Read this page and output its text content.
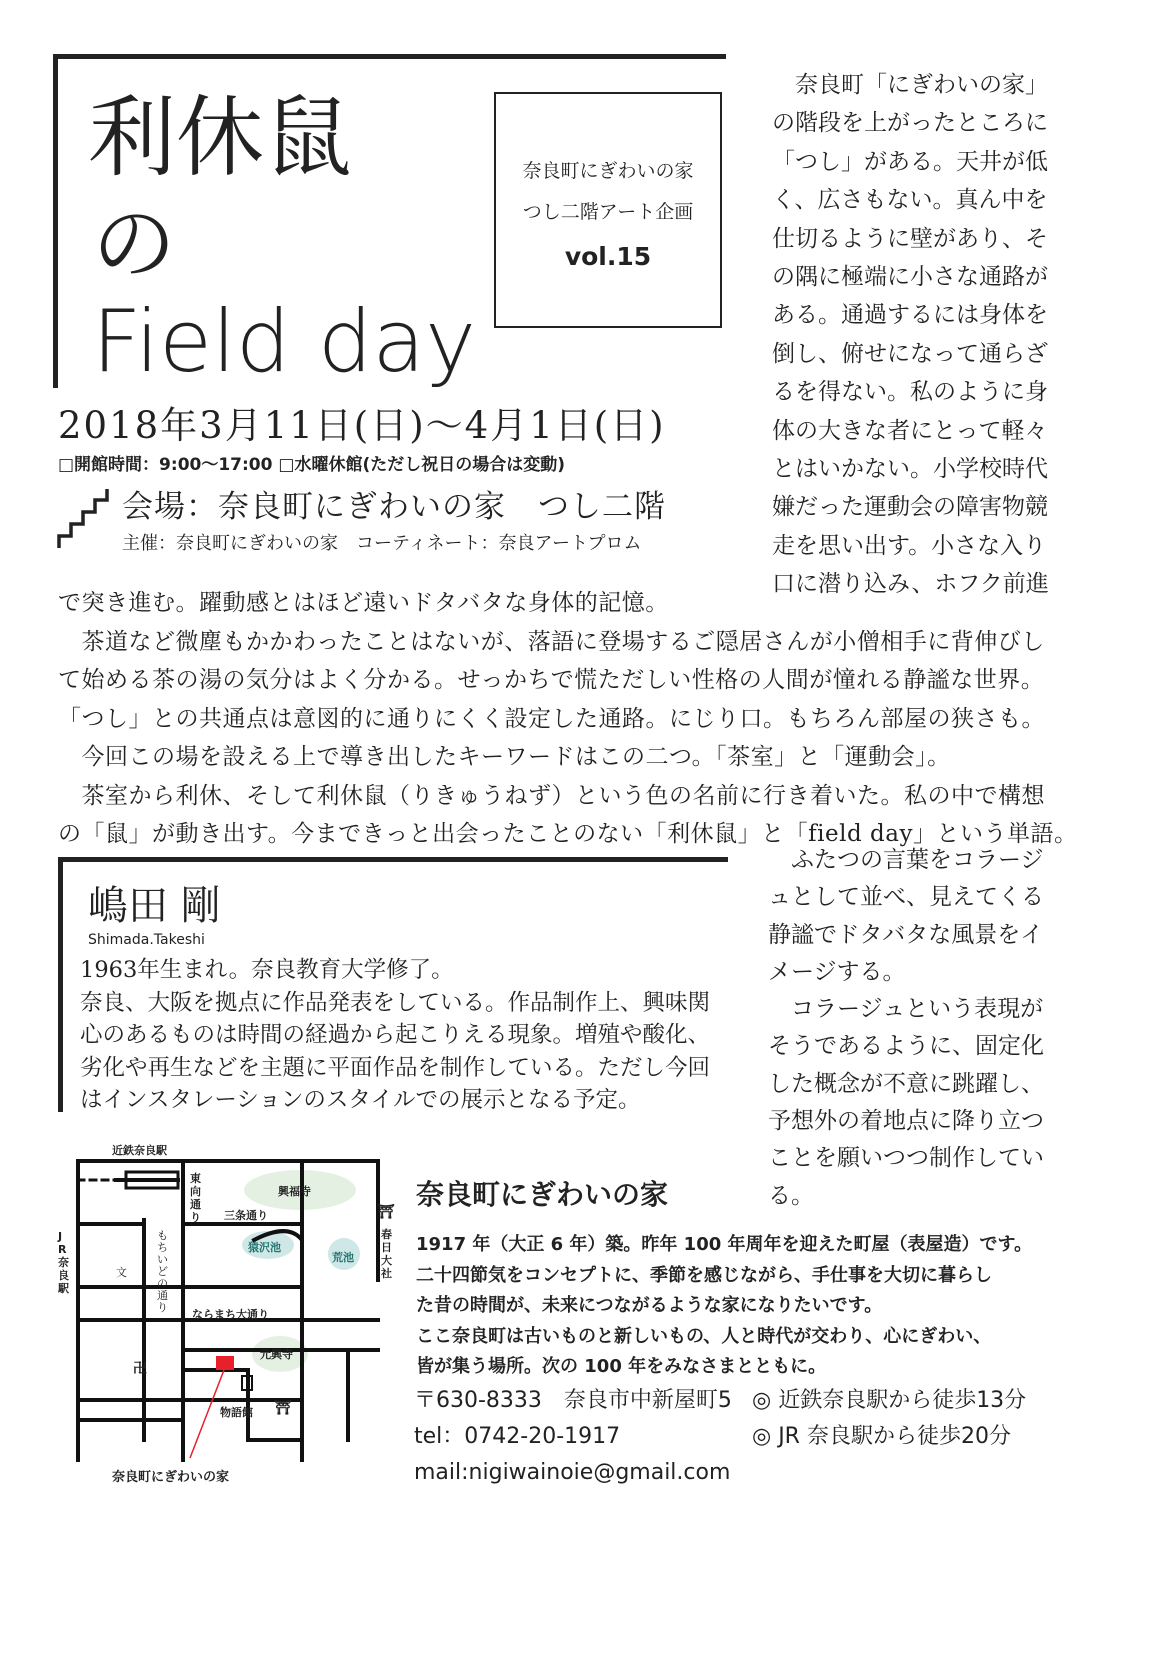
利休鼠
の
Field day
奈良町にぎわいの家
つし二階アート企画
vol.15
2018年3月11日(日)～4月1日(日)
□開館時間：9:00～17:00 □水曜休館(ただし祝日の場合は変動)
会場：奈良町にぎわいの家　つし二階
主催：奈良町にぎわいの家　コーティネート：奈良アートプロム

　奈良町「にぎわいの家」

の階段を上がったところに

「つし」がある。天井が低

く、広さもない。真ん中を

仕切るように壁があり、そ

の隅に極端に小さな通路が

ある。通過するには身体を

倒し、俯せになって通らざ

るを得ない。私のように身

体の大きな者にとって軽々

とはいかない。小学校時代

嫌だった運動会の障害物競

走を思い出す。小さな入り

口に潜り込み、ホフク前進

で突き進む。躍動感とはほど遠いドタバタな身体的記憶。

　茶道など微塵もかかわったことはないが、落語に登場するご隠居さんが小僧相手に背伸びし

て始める茶の湯の気分はよく分かる。せっかちで慌ただしい性格の人間が憧れる静謐な世界。

「つし」との共通点は意図的に通りにくく設定した通路。にじり口。もちろん部屋の狭さも。

　今回この場を設える上で導き出したキーワードはこの二つ。「茶室」と「運動会」。

　茶室から利休、そして利休鼠（りきゅうねず）という色の名前に行き着いた。私の中で構想

の「鼠」が動き出す。今まできっと出会ったことのない「利休鼠」と「field day」という単語。

　ふたつの言葉をコラージ

ュとして並べ、見えてくる

静謐でドタバタな風景をイ

メージする。

　コラージュという表現が

そうであるように、固定化

した概念が不意に跳躍し、

予想外の着地点に降り立つ

ことを願いつつ制作してい

る。

嶋田 剛
Shimada.Takeshi

1963年生まれ。奈良教育大学修了。

奈良、大阪を拠点に作品発表をしている。作品制作上、興味関

心のあるものは時間の経過から起こりえる現象。増殖や酸化、

劣化や再生などを主題に平面作品を制作している。ただし今回

はインスタレーションのスタイルでの展示となる予定。

近鉄奈良駅
東向通り
興福寺
三条通り
猿沢池
荒池
春日大社
⛩
JR奈良駅
もちいどの通り
文
ならまち大通り
元興寺
卍
⛩
物語館
奈良町にぎわいの家
奈良町にぎわいの家

1917 年（大正 6 年）築。昨年 100 年周年を迎えた町屋（表屋造）です。

二十四節気をコンセプトに、季節を感じながら、手仕事を大切に暮らし

た昔の時間が、未来につながるような家になりたいです。

ここ奈良町は古いものと新しいもの、人と時代が交わり、心にぎわい、

皆が集う場所。次の 100 年をみなさまとともに。

〒630-8333　奈良市中新屋町5 ◎ 近鉄奈良駅から徒歩13分
tel：0742-20-1917	◎ JR 奈良駅から徒歩20分
mail:nigiwainoie@gmail.com
